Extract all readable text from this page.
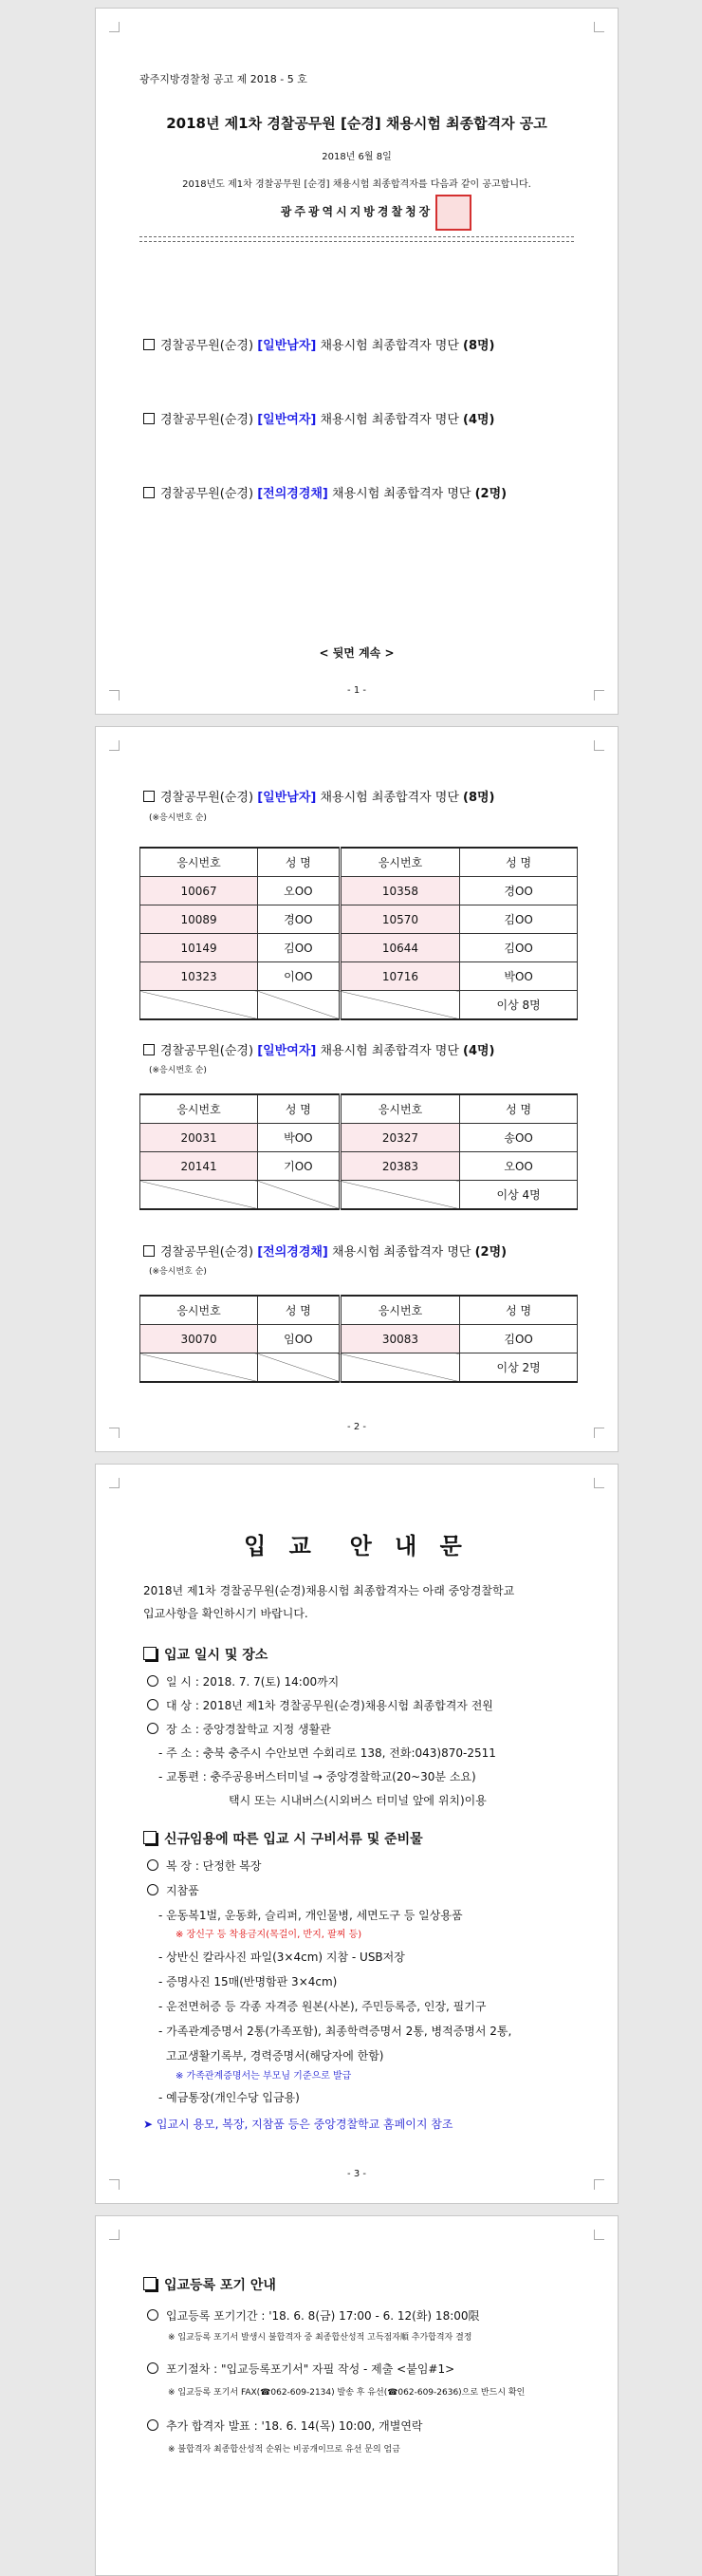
광주지방경찰청 공고 제 2018 - 5 호
2018년 제1차 경찰공무원 [순경] 채용시험 최종합격자 공고
2018년 6월 8일
2018년도 제1차 경찰공무원 [순경] 채용시험 최종합격자를 다음과 같이 공고합니다.
광주광역시지방경찰청장
경찰공무원(순경) [일반남자] 채용시험 최종합격자 명단 (8명)
경찰공무원(순경) [일반여자] 채용시험 최종합격자 명단 (4명)
경찰공무원(순경) [전의경경채] 채용시험 최종합격자 명단 (2명)
< 뒷면 계속 >
- 1 -
경찰공무원(순경) [일반남자] 채용시험 최종합격자 명단 (8명)
(※응시번호 순)
응시번호	성 명	응시번호	성 명
10067	오OO	10358	경OO
10089	경OO	10570	김OO
10149	김OO	10644	김OO
10323	이OO	10716	박OO
			이상 8명
경찰공무원(순경) [일반여자] 채용시험 최종합격자 명단 (4명)
(※응시번호 순)
응시번호	성 명	응시번호	성 명
20031	박OO	20327	송OO
20141	기OO	20383	오OO
			이상 4명
경찰공무원(순경) [전의경경채] 채용시험 최종합격자 명단 (2명)
(※응시번호 순)
응시번호	성 명	응시번호	성 명
30070	임OO	30083	김OO
			이상 2명
- 2 -
입 교  안 내 문
2018년 제1차 경찰공무원(순경)채용시험 최종합격자는 아래 중앙경찰학교
입교사항을 확인하시기 바랍니다.
입교 일시 및 장소
일 시 : 2018. 7. 7(토) 14:00까지
대 상 : 2018년 제1차 경찰공무원(순경)채용시험 최종합격자 전원
장 소 : 중앙경찰학교 지정 생활관
- 주 소 : 충북 충주시 수안보면 수회리로 138, 전화:043)870-2511
- 교통편 : 충주공용버스터미널 → 중앙경찰학교(20~30분 소요)
택시 또는 시내버스(시외버스 터미널 앞에 위치)이용
신규임용에 따른 입교 시 구비서류 및 준비물
복 장 : 단정한 복장
지참품
- 운동복1벌, 운동화, 슬리퍼, 개인물병, 세면도구 등 일상용품
※ 장신구 등 착용금지(목걸이, 반지, 팔찌 등)
- 상반신 칼라사진 파일(3×4cm) 지참 - USB저장
- 증명사진 15매(반명함판 3×4cm)
- 운전면허증 등 각종 자격증 원본(사본), 주민등록증, 인장, 필기구
- 가족관계증명서 2통(가족포함), 최종학력증명서 2통, 병적증명서 2통,
고교생활기록부, 경력증명서(해당자에 한함)
※ 가족관계증명서는 부모님 기준으로 발급
- 예금통장(개인수당 입금용)
➤ 입교시 용모, 복장, 지참품 등은 중앙경찰학교 홈페이지 참조
- 3 -
입교등록 포기 안내
입교등록 포기기간 : '18. 6. 8(금) 17:00 - 6. 12(화) 18:00限
※ 입교등록 포기서 발생시 불합격자 중 최종합산성적 고득점자順 추가합격자 결정
포기절차 : "입교등록포기서" 자필 작성 - 제출 <붙임#1>
※ 입교등록 포기서 FAX(☎062-609-2134) 발송 후 유선(☎062-609-2636)으로 반드시 확인
추가 합격자 발표 : '18. 6. 14(목) 10:00, 개별연락
※ 불합격자 최종합산성적 순위는 비공개이므로 유선 문의 엄금
